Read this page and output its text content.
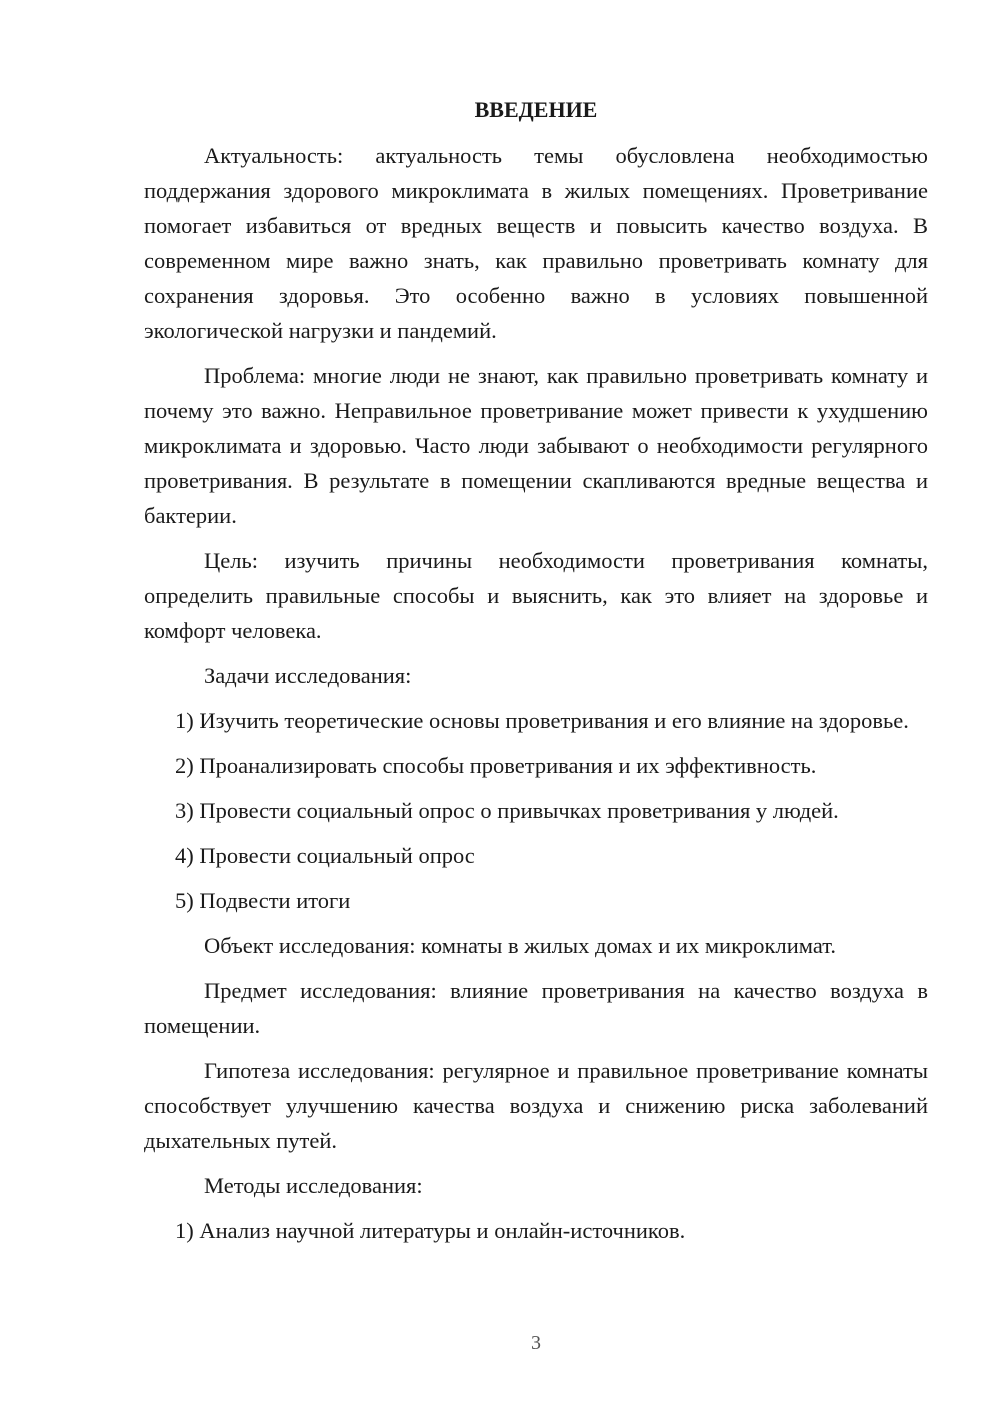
ВВЕДЕНИЕ

Актуальность: актуальность темы обусловлена необходимостью поддержания здорового микроклимата в жилых помещениях. Проветривание помогает избавиться от вредных веществ и повысить качество воздуха. В современном мире важно знать, как правильно проветривать комнату для сохранения здоровья. Это особенно важно в условиях повышенной экологической нагрузки и пандемий.

Проблема: многие люди не знают, как правильно проветривать комнату и почему это важно. Неправильное проветривание может привести к ухудшению микроклимата и здоровью. Часто люди забывают о необходимости регулярного проветривания. В результате в помещении скапливаются вредные вещества и бактерии.

Цель: изучить причины необходимости проветривания комнаты, определить правильные способы и выяснить, как это влияет на здоровье и комфорт человека.

Задачи исследования:

1) Изучить теоретические основы проветривания и его влияние на здоровье.

2) Проанализировать способы проветривания и их эффективность.

3) Провести социальный опрос о привычках проветривания у людей.

4) Провести социальный опрос

5) Подвести итоги

Объект исследования: комнаты в жилых домах и их микроклимат.

Предмет исследования: влияние проветривания на качество воздуха в помещении.

Гипотеза исследования: регулярное и правильное проветривание комнаты способствует улучшению качества воздуха и снижению риска заболеваний дыхательных путей.

Методы исследования:

1) Анализ научной литературы и онлайн-источников.

3
